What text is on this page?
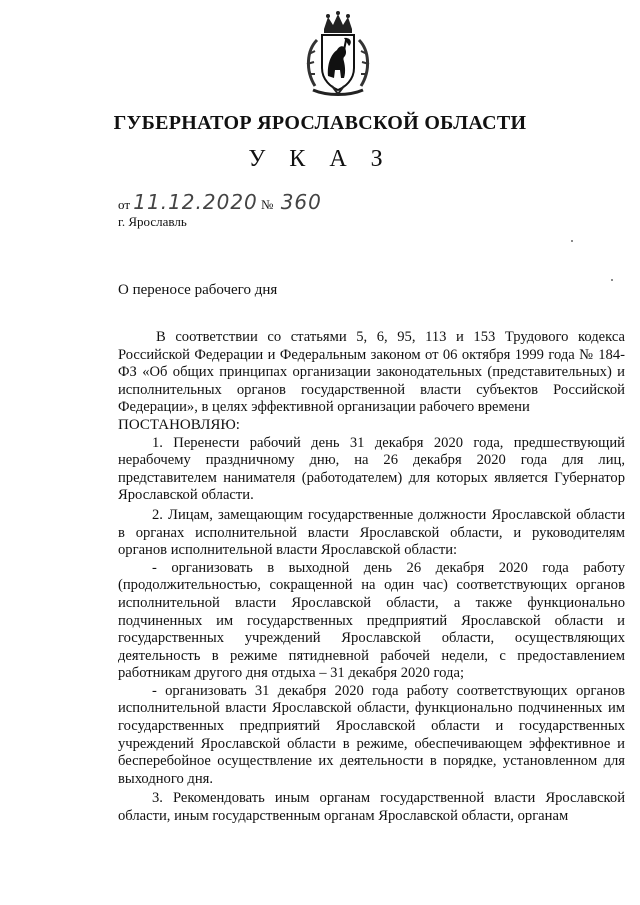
ГУБЕРНАТОР ЯРОСЛАВСКОЙ ОБЛАСТИ
У К А З
от 11.12.2020 № 360
г. Ярославль
О переносе рабочего дня

В соответствии со статьями 5, 6, 95, 113 и 153 Трудового кодекса Российской Федерации и Федеральным законом от 06 октября 1999 года № 184-ФЗ «Об общих принципах организации законодательных (представительных) и исполнительных органов государственной власти субъектов Российской Федерации», в целях эффективной организации рабочего времени

ПОСТАНОВЛЯЮ:

1. Перенести рабочий день 31 декабря 2020 года, предшествующий нерабочему праздничному дню, на 26 декабря 2020 года для лиц, представителем нанимателя (работодателем) для которых является Губернатор Ярославской области.

2. Лицам, замещающим государственные должности Ярославской области в органах исполнительной власти Ярославской области, и руководителям органов исполнительной власти Ярославской области:

- организовать в выходной день 26 декабря 2020 года работу (продолжительностью, сокращенной на один час) соответствующих органов исполнительной власти Ярославской области, а также функционально подчиненных им государственных предприятий Ярославской области и государственных учреждений Ярославской области, осуществляющих деятельность в режиме пятидневной рабочей недели, с предоставлением работникам другого дня отдыха – 31 декабря 2020 года;

- организовать 31 декабря 2020 года работу соответствующих органов исполнительной власти Ярославской области, функционально подчиненных им государственных предприятий Ярославской области и государственных учреждений Ярославской области в режиме, обеспечивающем эффективное и бесперебойное осуществление их деятельности в порядке, установленном для выходного дня.

3. Рекомендовать иным органам государственной власти Ярославской области, иным государственным органам Ярославской области, органам
